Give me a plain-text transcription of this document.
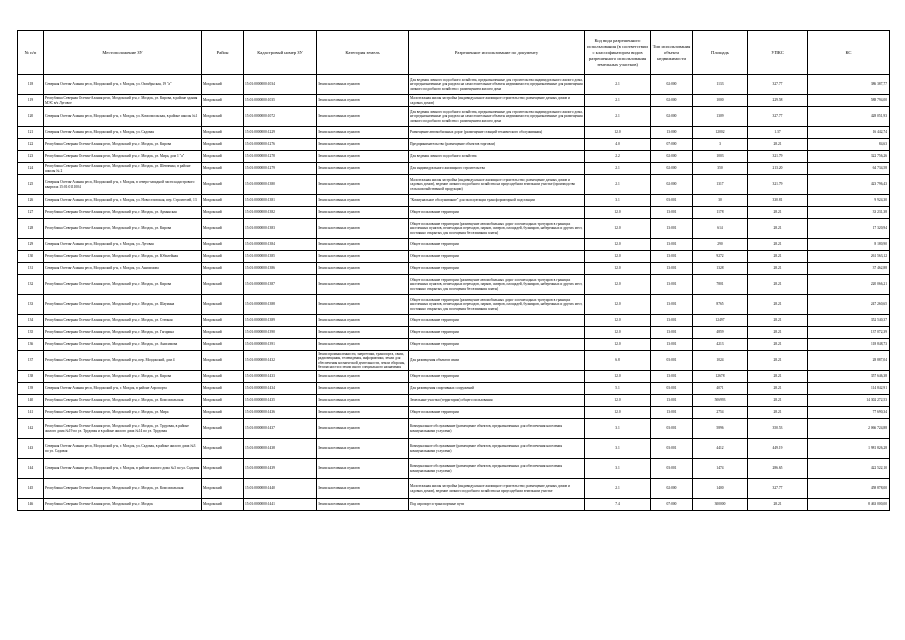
№ п/п	Местоположение ЗУ	Район	Кадастровый номер ЗУ	Категория земель	Разрешенное использование по документу	Код вида разрешенного использования (в соответствии с классификатором видов разрешенного использования земельных участков)	Тип использования объекта недвижимости	Площадь	УПКС	КС
118	Северная Осетия-Алания респ, Моздокский р-н, г. Моздок, ул. Октябрьская, 19 "а"	Моздокский	15:01:0000000:1034	Земли населенных пунктов	Для ведения личного подсобного хозяйства, предназначенные для строительства индивидуального жилого дома, не предназначенные для раздела на самостоятельные объекты недвижимости; предназначенные для размещения личного подсобного хозяйства с размещением жилого дома	2.1	02:000	1133	327.77	386 387,77
119	Республика Северная Осетия-Алания респ, Моздокский р-н, г. Моздок, ул. Кирова, в районе здания МЭС в/ч Луговое	Моздокский	15:01:0000000:1035	Земли населенных пунктов	Малоэтажная жилая застройка (индивидуальное жилищное строительство; размещение дачных домов и садовых домов)	2.1	02:000	1000	229.58	588 794,00
120	Северная Осетия-Алания респ, Моздокский р-н, г. Моздок, ул. Комсомольская, в районе школы №1	Моздокский	15:01:0000000:1072	Земли населенных пунктов	Для ведения личного подсобного хозяйства, предназначенные для строительства индивидуального жилого дома, не предназначенные для раздела на самостоятельные объекты недвижимости; предназначенные для размещения личного подсобного хозяйства с размещением жилого дома	2.1	02:000	1309	327.77	428 051,93
121	Северная Осетия-Алания респ, Моздокский р-н, г. Моздок, ул. Садовая	Моздокский	15:01:0000000:1229	Земли населенных пунктов	Размещение автомобильных дорог (размещение станций технического обслуживания)	12.0	13:000	12002	1.37	16 442,74
122	Республика Северная Осетия-Алания респ, Моздокский р-н, г. Моздок, ул. Кирова	Моздокский	15:01:0000000:1276	Земли населенных пунктов	Предпринимательство (размещение объектов торговли)	4.0	07:000	3	28.21	84,63
123	Республика Северная Осетия-Алания респ, Моздокский р-н, г. Моздок, ул. Мира, дом 1 "а"	Моздокский	15:01:0000000:1278	Земли населенных пунктов	Для ведения личного подсобного хозяйства	2.2	02:000	1003	321.79	322 756,26
124	Республика Северная Осетия-Алания респ, Моздокский р-н, г. Моздок, ул. Шевченко, в районе школы № 2	Моздокский	15:01:0000000:1279	Земли населенных пунктов	Для индивидуального жилищного строительства	2.1	02:000	350	213.20	64 734,58
125	Северная Осетия-Алания респ, Моздокский р-н, г. Моздок, в северо-западной части кадастрового квартала 15:01:0111004	Моздокский	15:01:0000000:1380	Земли населенных пунктов	Малоэтажная жилая застройка (индивидуальное жилищное строительство; размещение дачных домов и садовых домов), ведение личного подсобного хозяйства на приусадебном земельном участке (производство сельскохозяйственной продукции)	2.1	02:000	1317	321.79	423 796,43
126	Северная Осетия-Алания респ, Моздокский р-н, г. Моздок, ул. Новоселовская, пер. Строителей, 13	Моздокский	15:01:0000000:1381	Земли населенных пунктов	"Коммунальное обслуживание" для эксплуатации трансформаторной подстанции	3.1	03:001	30	330.81	9 924,30
127	Республика Северная Осетия-Алания респ, Моздокский р-н, г. Моздок, ул. Армянская	Моздокский	15:01:0000000:1382	Земли населенных пунктов	Общее пользование территории	12.0	13:001	1178	28.21	33 231,38
128	Республика Северная Осетия-Алания респ, Моздокский р-н, г. Моздок, ул. Кирова	Моздокский	15:01:0000000:1383	Земли населенных пунктов	Общее пользование территории (размещение автомобильных дорог и пешеходных тротуаров в границах населенных пунктов, пешеходных переходов, парков, скверов, площадей, бульваров, набережных и других мест, постоянно открытых для посещения без взимания платы)	12.0	13:001	614	28.21	17 320,94
129	Северная Осетия-Алания респ, Моздокский р-н, г. Моздок, ул. Луговая	Моздокский	15:01:0000000:1384	Земли населенных пунктов	Общее пользование территории	12.0	13:001	290	28.21	8 180,90
130	Республика Северная Осетия-Алания респ, Моздокский р-н, г. Моздок, ул. Юбилейная	Моздокский	15:01:0000000:1385	Земли населенных пунктов	Общее пользование территории	12.0	13:001	9272	28.21	261 563,12
131	Северная Осетия-Алания респ, Моздокский р-н, г. Моздок, ул. Анисимова	Моздокский	15:01:0000000:1386	Земли населенных пунктов	Общее пользование территории	12.0	13:001	1328	28.21	37 462,88
132	Республика Северная Осетия-Алания респ, Моздокский р-н, г. Моздок, ул. Кирова	Моздокский	15:01:0000000:1387	Земли населенных пунктов	Общее пользование территории (размещение автомобильных дорог и пешеходных тротуаров в границах населенных пунктов, пешеходных переходов, парков, скверов, площадей, бульваров, набережных и других мест, постоянно открытых для посещения без взимания платы)	12.0	13:001	7801	28.21	220 066,21
133	Республика Северная Осетия-Алания респ, Моздокский р-н, г. Моздок, ул. Шаумяна	Моздокский	15:01:0000000:1388	Земли населенных пунктов	Общее пользование территории (размещение автомобильных дорог и пешеходных тротуаров в границах населенных пунктов, пешеходных переходов, парков, скверов, площадей, бульваров, набережных и других мест, постоянно открытых для посещения без взимания платы)	12.0	13:001	8765	28.21	247 260,65
134	Республика Северная Осетия-Алания респ, Моздокский р-н, г. Моздок, ул. Степная	Моздокский	15:01:0000000:1389	Земли населенных пунктов	Общее пользование территории	12.0	13:001	12497	28.21	352 540,37
135	Республика Северная Осетия-Алания респ, Моздокский р-н, г. Моздок, ул. Гагарина	Моздокский	15:01:0000000:1390	Земли населенных пунктов	Общее пользование территории	12.0	13:001	4859	28.21	137 072,39
136	Республика Северная Осетия-Алания респ, Моздокский р-н, г. Моздок, ул. Анисимова	Моздокский	15:01:0000000:1391	Земли населенных пунктов	Общее пользование территории	12.0	13:001	4213	28.21	118 848,73
137	Республика Северная Осетия-Алания респ, Моздокский р-н, пер. Моздокский, дом 4	Моздокский	15:01:0000000:1432	Земли промышленности, энергетики, транспорта, связи, радиовещания, телевидения, информатики, земли для обеспечения космической деятельности, земли обороны, безопасности и земли иного специального назначения	Для размещения объектов связи	6.8	03:001	1024	28.21	28 887,04
138	Республика Северная Осетия-Алания респ, Моздокский р-н, г. Моздок, ул. Кирова	Моздокский	15:01:0000000:1433	Земли населенных пунктов	Общее пользование территории	12.0	13:001	12678	28.21	357 646,38
139	Северная Осетия-Алания респ, Моздокский р-н, г. Моздок, в районе Аэропорта	Моздокский	15:01:0000000:1434	Земли населенных пунктов	Для размещения спортивных сооружений	5.1	03:001	4071	28.21	114 842,91
140	Республика Северная Осетия-Алания респ, Моздокский р-н, г. Моздок, ул. Комсомольская	Моздокский	15:01:0000000:1435	Земли населенных пунктов	Земельные участки (территории) общего пользования	12.0	13:001	506993	28.21	14 302 272,53
141	Республика Северная Осетия-Алания респ, Моздокский р-н, г. Моздок, ул. Мира	Моздокский	15:01:0000000:1436	Земли населенных пунктов	Общее пользование территории	12.0	13:001	2754	28.21	77 690,34
142	Республика Северная Осетия-Алания респ, Моздокский р-н, г. Моздок, ул. Трудовая, в районе жилого дома №19 по ул. Трудовая и в районе жилого дома №14 по ул. Трудовая	Моздокский	15:01:0000000:1437	Земли населенных пунктов	Коммунальное обслуживание (размещение объектов, предназначенных для обеспечения населения коммунальными услугами)	3.1	03:001	5896	350.53	2 066 724,88
143	Северная Осетия-Алания респ, Моздокский р-н, г. Моздок, ул. Садовая, в районе жилого дома №3 по ул. Садовая	Моздокский	15:01:0000000:1438	Земли населенных пунктов	Коммунальное обслуживание (размещение объектов, предназначенных для обеспечения населения коммунальными услугами)	3.1	03:001	4412	449.19	1 981 826,28
144	Северная Осетия-Алания респ, Моздокский р-н, г. Моздок, в районе жилого дома №3 по ул. Садовая	Моздокский	15:01:0000000:1439	Земли населенных пунктов	Коммунальное обслуживание (размещение объектов, предназначенных для обеспечения населения коммунальными услугами)	3.1	03:001	1474	286.65	422 522,10
145	Республика Северная Осетия-Алания респ, Моздокский р-н, г. Моздок, ул. Комсомольская	Моздокский	15:01:0000000:1440	Земли населенных пунктов	Малоэтажная жилая застройка (индивидуальное жилищное строительство; размещение дачных домов и садовых домов), ведение личного подсобного хозяйства на приусадебном земельном участке	2.1	02:000	1400	327.77	458 878,00
146	Республика Северная Осетия-Алания респ, Моздокский р-н, г. Моздок	Моздокский	15:01:0000000:1441	Земли населенных пунктов	Под аэропорт и транспортные пути	7.4	07:000	300000	28.21	8 463 000,00
